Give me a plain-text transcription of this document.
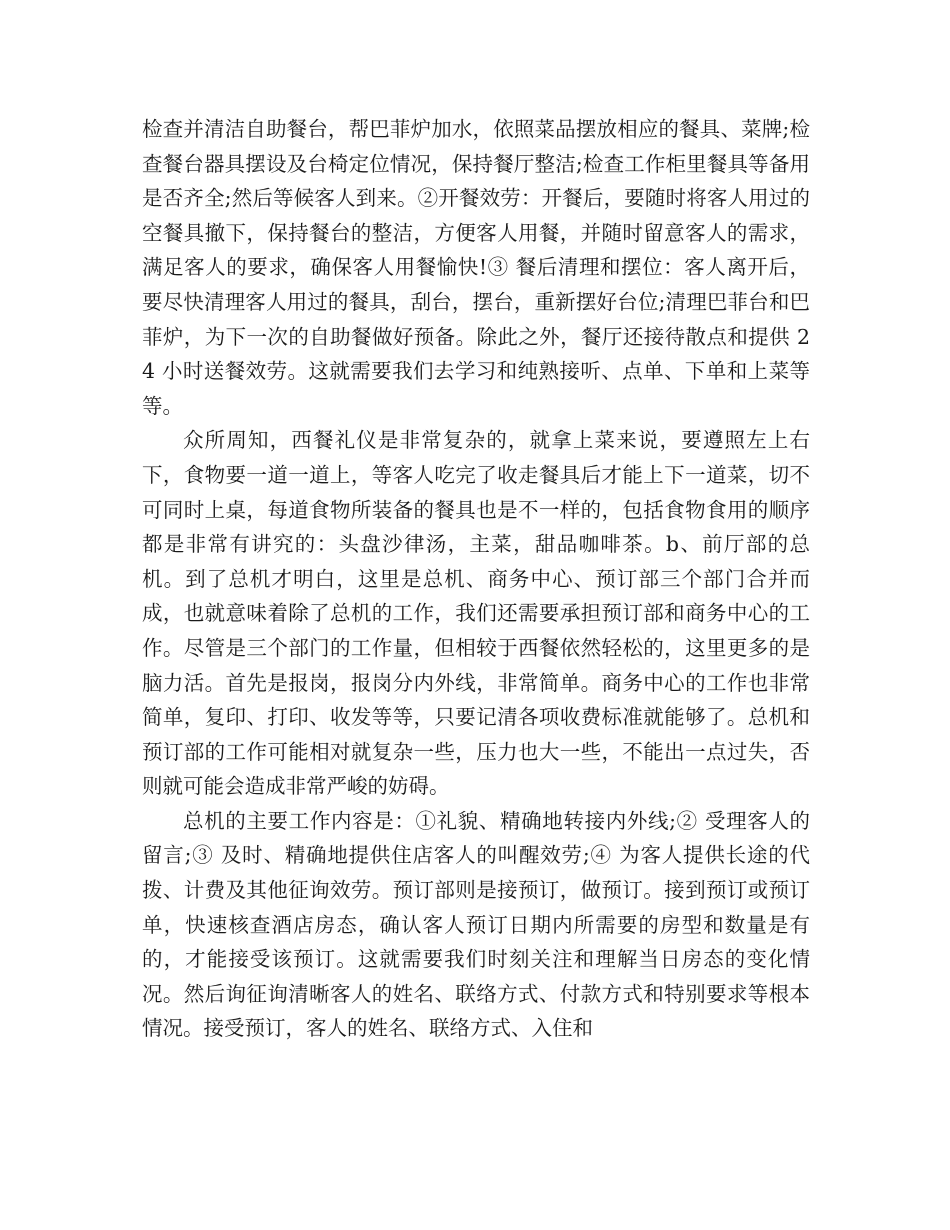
检查并清洁自助餐台，帮巴菲炉加水，依照菜品摆放相应的餐具、菜牌;检查餐台器具摆设及台椅定位情况，保持餐厅整洁;检查工作柜里餐具等备用是否齐全;然后等候客人到来。②开餐效劳：开餐后，要随时将客人用过的空餐具撤下，保持餐台的整洁，方便客人用餐，并随时留意客人的需求，满足客人的要求，确保客人用餐愉快!③ 餐后清理和摆位：客人离开后，要尽快清理客人用过的餐具，刮台，摆台，重新摆好台位;清理巴菲台和巴菲炉，为下一次的自助餐做好预备。除此之外，餐厅还接待散点和提供 24 小时送餐效劳。这就需要我们去学习和纯熟接听、点单、下单和上菜等等。

众所周知，西餐礼仪是非常复杂的，就拿上菜来说，要遵照左上右下，食物要一道一道上，等客人吃完了收走餐具后才能上下一道菜，切不可同时上桌，每道食物所装备的餐具也是不一样的，包括食物食用的顺序都是非常有讲究的：头盘沙律汤，主菜，甜品咖啡茶。b、前厅部的总机。到了总机才明白，这里是总机、商务中心、预订部三个部门合并而成，也就意味着除了总机的工作，我们还需要承担预订部和商务中心的工作。尽管是三个部门的工作量，但相较于西餐依然轻松的，这里更多的是脑力活。首先是报岗，报岗分内外线，非常简单。商务中心的工作也非常简单，复印、打印、收发等等，只要记清各项收费标准就能够了。总机和预订部的工作可能相对就复杂一些，压力也大一些，不能出一点过失，否则就可能会造成非常严峻的妨碍。

总机的主要工作内容是：①礼貌、精确地转接内外线;② 受理客人的留言;③ 及时、精确地提供住店客人的叫醒效劳;④ 为客人提供长途的代拨、计费及其他征询效劳。预订部则是接预订，做预订。接到预订或预订单，快速核查酒店房态，确认客人预订日期内所需要的房型和数量是有的，才能接受该预订。这就需要我们时刻关注和理解当日房态的变化情况。然后询征询清晰客人的姓名、联络方式、付款方式和特别要求等根本情况。接受预订，客人的姓名、联络方式、入住和
